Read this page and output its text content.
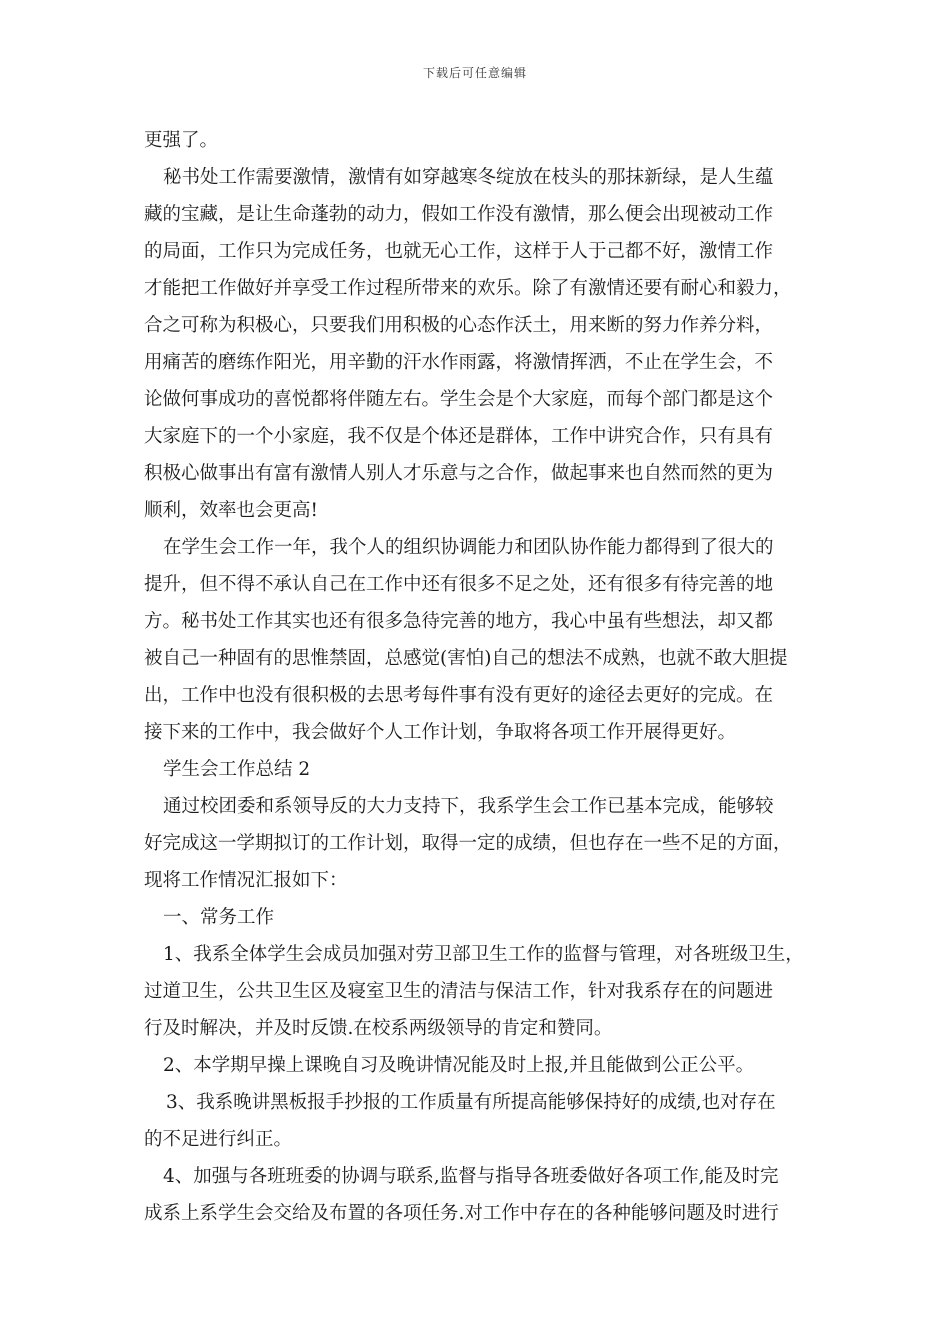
下载后可任意编辑
更强了。
秘书处工作需要激情，激情有如穿越寒冬绽放在枝头的那抹新绿，是人生蕴
藏的宝藏，是让生命蓬勃的动力，假如工作没有激情，那么便会出现被动工作
的局面，工作只为完成任务，也就无心工作，这样于人于己都不好，激情工作
才能把工作做好并享受工作过程所带来的欢乐。除了有激情还要有耐心和毅力，
合之可称为积极心，只要我们用积极的心态作沃土，用来断的努力作养分料，
用痛苦的磨练作阳光，用辛勤的汗水作雨露，将激情挥洒，不止在学生会，不
论做何事成功的喜悦都将伴随左右。学生会是个大家庭，而每个部门都是这个
大家庭下的一个小家庭，我不仅是个体还是群体，工作中讲究合作，只有具有
积极心做事出有富有激情人别人才乐意与之合作，做起事来也自然而然的更为
顺利，效率也会更高!
在学生会工作一年，我个人的组织协调能力和团队协作能力都得到了很大的
提升，但不得不承认自己在工作中还有很多不足之处，还有很多有待完善的地
方。秘书处工作其实也还有很多急待完善的地方，我心中虽有些想法，却又都
被自己一种固有的思惟禁固，总感觉(害怕)自己的想法不成熟，也就不敢大胆提
出，工作中也没有很积极的去思考每件事有没有更好的途径去更好的完成。在
接下来的工作中，我会做好个人工作计划，争取将各项工作开展得更好。
学生会工作总结 2
通过校团委和系领导反的大力支持下，我系学生会工作已基本完成，能够较
好完成这一学期拟订的工作计划，取得一定的成绩，但也存在一些不足的方面，
现将工作情况汇报如下：
一、常务工作
1、我系全体学生会成员加强对劳卫部卫生工作的监督与管理，对各班级卫生，
过道卫生，公共卫生区及寝室卫生的清洁与保洁工作，针对我系存在的问题进
行及时解决，并及时反馈.在校系两级领导的肯定和赞同。
2、本学期早操上课晚自习及晚讲情况能及时上报,并且能做到公正公平。
3、我系晚讲黑板报手抄报的工作质量有所提高能够保持好的成绩,也对存在
的不足进行纠正。
4、加强与各班班委的协调与联系,监督与指导各班委做好各项工作,能及时完
成系上系学生会交给及布置的各项任务.对工作中存在的各种能够问题及时进行
